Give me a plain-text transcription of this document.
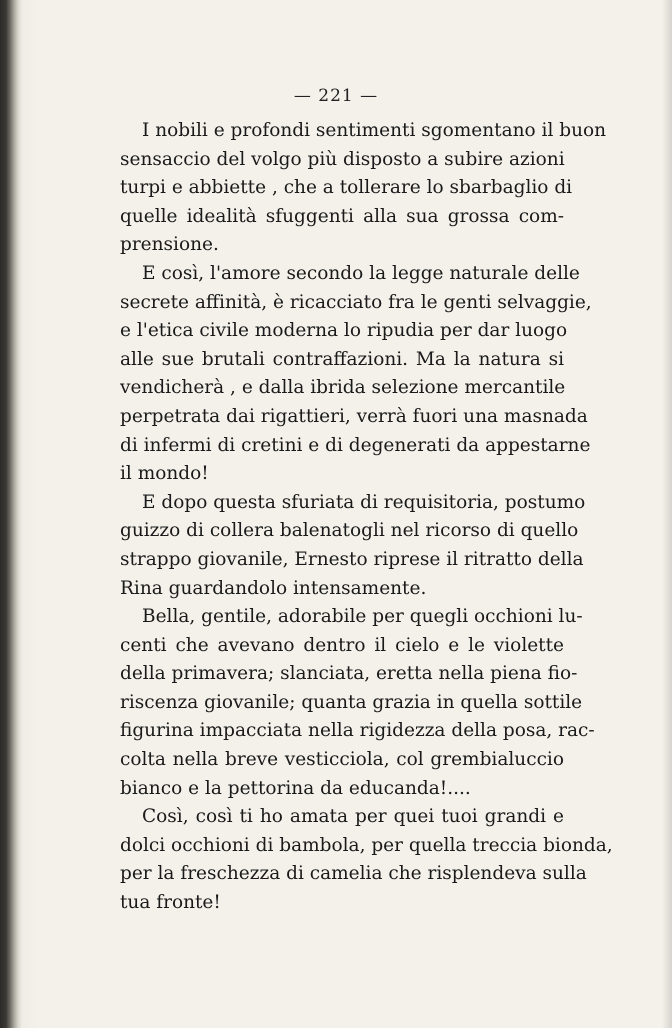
— 221 —
I nobili e profondi sentimenti sgomentano il buon
sensaccio del volgo più disposto a subire azioni
turpi e abbiette , che a tollerare lo sbarbaglio di
quelle idealità sfuggenti alla sua grossa com-
prensione.
E così, l'amore secondo la legge naturale delle
secrete affinità, è ricacciato fra le genti selvaggie,
e l'etica civile moderna lo ripudia per dar luogo
alle sue brutali contraffazioni. Ma la natura si
vendicherà , e dalla ibrida selezione mercantile
perpetrata dai rigattieri, verrà fuori una masnada
di infermi di cretini e di degenerati da appestarne
il mondo!
E dopo questa sfuriata di requisitoria, postumo
guizzo di collera balenatogli nel ricorso di quello
strappo giovanile, Ernesto riprese il ritratto della
Rina guardandolo intensamente.
Bella, gentile, adorabile per quegli occhioni lu-
centi che avevano dentro il cielo e le violette
della primavera; slanciata, eretta nella piena fio-
riscenza giovanile; quanta grazia in quella sottile
figurina impacciata nella rigidezza della posa, rac-
colta nella breve vesticciola, col grembialuccio
bianco e la pettorina da educanda!....
Così, così ti ho amata per quei tuoi grandi e
dolci occhioni di bambola, per quella treccia bionda,
per la freschezza di camelia che risplendeva sulla
tua fronte!
